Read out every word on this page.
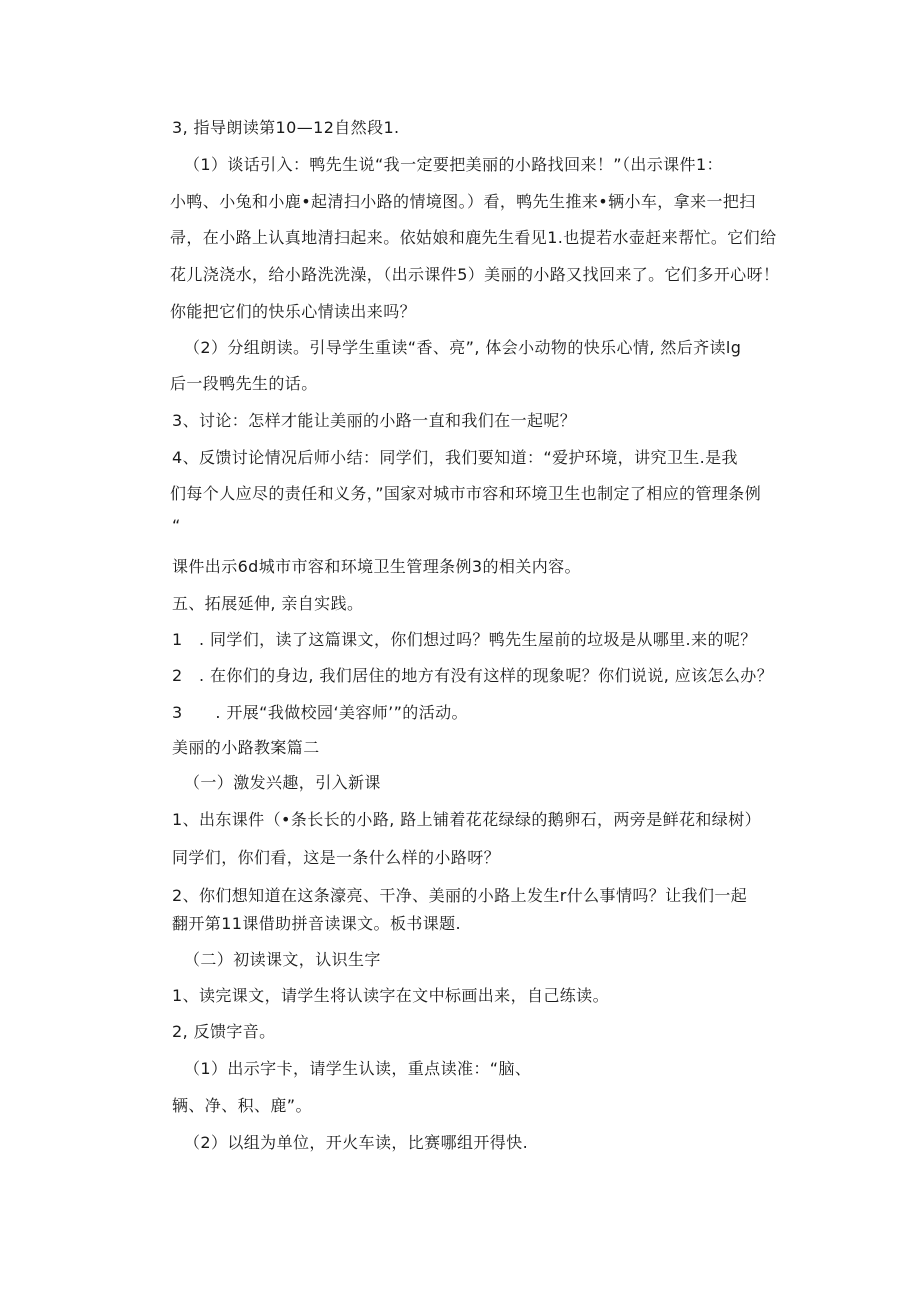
3, 指导朗读第10—12自然段1.
（1）谈话引入：鸭先生说“我一定要把美丽的小路找回来！”（出示课件1：
小鸭、小兔和小鹿•起清扫小路的情境图。）看，鸭先生推来•辆小车，拿来一把扫
帚，在小路上认真地清扫起来。依姑娘和鹿先生看见1.也提若水壶赶来帮忙。它们给
花儿浇浇水，给小路洗洗澡，（出示课件5）美丽的小路又找回来了。它们多开心呀！
你能把它们的快乐心情读出来吗？
（2）分组朗读。引导学生重读“香、亮”, 体会小动物的快乐心情, 然后齐读lg
后一段鸭先生的话。
3、讨论：怎样才能让美丽的小路一直和我们在一起呢？
4、反馈讨论情况后师小结：同学们，我们要知道：“爱护环境，讲究卫生.是我
们每个人应尽的责任和义务，”国家对城市市容和环境卫生也制定了相应的管理条例
“
课件出示6d城市市容和环境卫生管理条例3的相关内容。
五、拓展延伸, 亲自实践。
1　. 同学们，读了这篇课文，你们想过吗？鸭先生屋前的垃圾是从哪里.来的呢？
2　. 在你们的身边, 我们居住的地方有没有这样的现象呢？你们说说, 应该怎么办？
3　　. 开展“我做校园‘美容师’”的活动。
美丽的小路教案篇二
（一）激发兴趣，引入新课
1、出东课件（•条长长的小路, 路上铺着花花绿绿的鹅卵石，两旁是鲜花和绿树）
同学们，你们看，这是一条什么样的小路呀？
2、你们想知道在这条濠亮、干净、美丽的小路上发生r什么事情吗？让我们一起
翻开第11课借助拼音读课文。板书课题.
（二）初读课文，认识生字
1、读完课文，请学生将认读字在文中标画出来，自己练读。
2, 反馈字音。
（1）出示字卡，请学生认读，重点读准：“脑、
辆、净、积、鹿”。
（2）以组为单位，开火车读，比赛哪组开得快.
